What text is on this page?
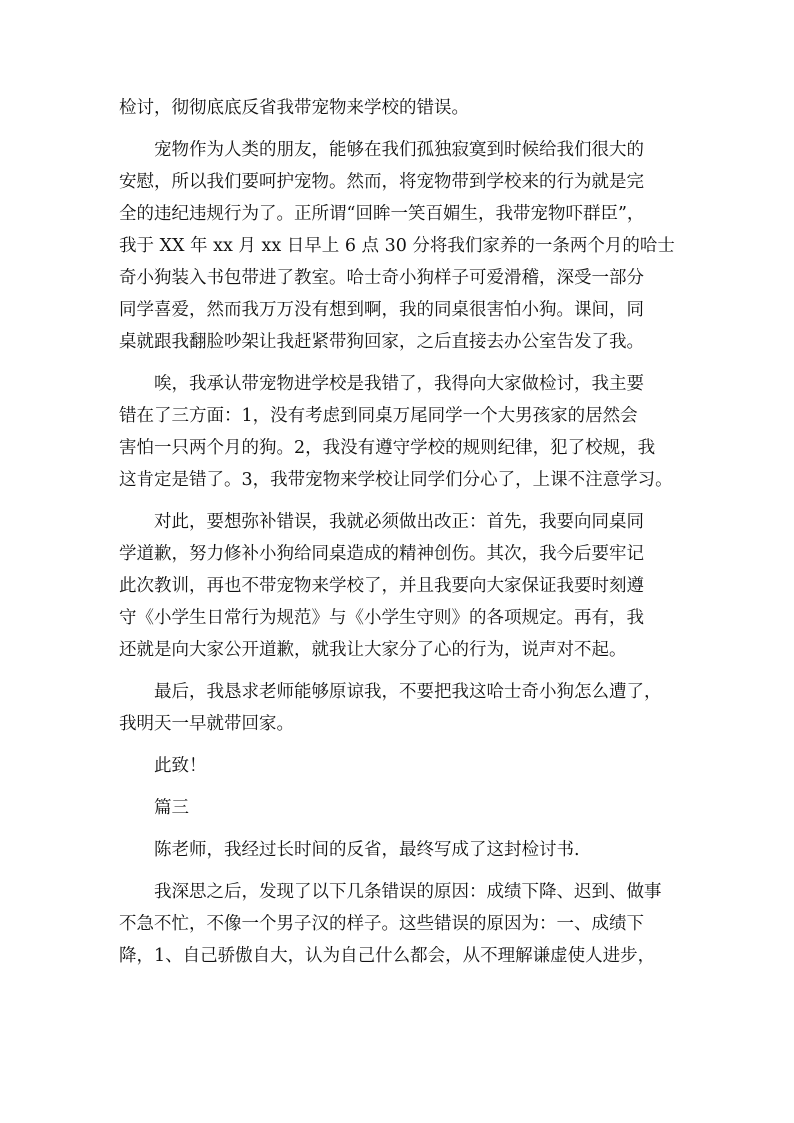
检讨，彻彻底底反省我带宠物来学校的错误。

宠物作为人类的朋友，能够在我们孤独寂寞到时候给我们很大的
安慰，所以我们要呵护宠物。然而，将宠物带到学校来的行为就是完
全的违纪违规行为了。正所谓“回眸一笑百媚生，我带宠物吓群臣”，
我于 XX 年 xx 月 xx 日早上 6 点 30 分将我们家养的一条两个月的哈士
奇小狗装入书包带进了教室。哈士奇小狗样子可爱滑稽，深受一部分
同学喜爱，然而我万万没有想到啊，我的同桌很害怕小狗。课间，同
桌就跟我翻脸吵架让我赶紧带狗回家，之后直接去办公室告发了我。

唉，我承认带宠物进学校是我错了，我得向大家做检讨，我主要
错在了三方面：1，没有考虑到同桌万尾同学一个大男孩家的居然会
害怕一只两个月的狗。2，我没有遵守学校的规则纪律，犯了校规，我
这肯定是错了。3，我带宠物来学校让同学们分心了，上课不注意学习。

对此，要想弥补错误，我就必须做出改正：首先，我要向同桌同
学道歉，努力修补小狗给同桌造成的精神创伤。其次，我今后要牢记
此次教训，再也不带宠物来学校了，并且我要向大家保证我要时刻遵
守《小学生日常行为规范》与《小学生守则》的各项规定。再有，我
还就是向大家公开道歉，就我让大家分了心的行为，说声对不起。

最后，我恳求老师能够原谅我，不要把我这哈士奇小狗怎么遭了，
我明天一早就带回家。

此致！

篇三

陈老师，我经过长时间的反省，最终写成了这封检讨书.

我深思之后，发现了以下几条错误的原因：成绩下降、迟到、做事
不急不忙，不像一个男子汉的样子。这些错误的原因为：一、成绩下
降，1、自己骄傲自大，认为自己什么都会，从不理解谦虚使人进步，
